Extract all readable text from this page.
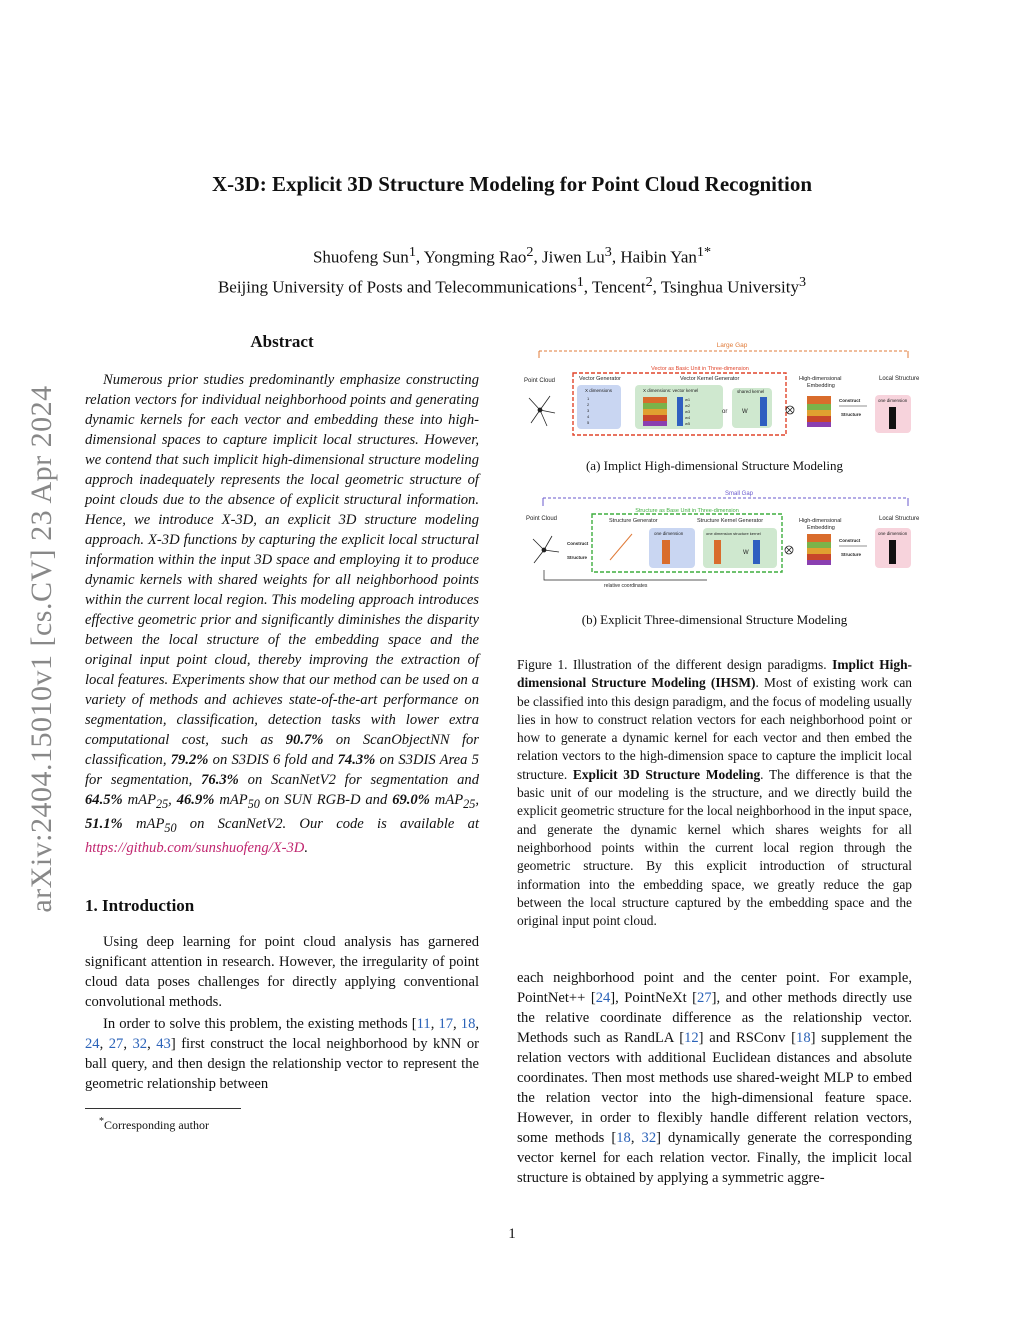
X-3D: Explicit 3D Structure Modeling for Point Cloud Recognition
Shuofeng Sun$^1$, Yongming Rao$^2$, Jiwen Lu$^3$, Haibin Yan$^{1*}$
Beijing University of Posts and Telecommunications$^1$, Tencent$^2$, Tsinghua University$^3$
arXiv:2404.15010v1 [cs.CV] 23 Apr 2024
Abstract

Numerous prior studies predominantly emphasize constructing relation vectors for individual neighborhood points and generating dynamic kernels for each vector and embedding these into high-dimensional spaces to capture implicit local structures. However, we contend that such implicit high-dimensional structure modeling approch inadequately represents the local geometric structure of point clouds due to the absence of explicit structural information. Hence, we introduce X-3D, an explicit 3D structure modeling approach. X-3D functions by capturing the explicit local structural information within the input 3D space and employing it to produce dynamic kernels with shared weights for all neighborhood points within the current local region. This modeling approach introduces effective geometric prior and significantly diminishes the disparity between the local structure of the embedding space and the original input point cloud, thereby improving the extraction of local features. Experiments show that our method can be used on a variety of methods and achieves state-of-the-art performance on segmentation, classification, detection tasks with lower extra computational cost, such as 90.7% on ScanObjectNN for classification, 79.2% on S3DIS 6 fold and 74.3% on S3DIS Area 5 for segmentation, 76.3% on ScanNetV2 for segmentation and 64.5% mAP$_{25}$, 46.9% mAP$_{50}$ on SUN RGB-D and 69.0% mAP$_{25}$, 51.1% mAP$_{50}$ on ScanNetV2. Our code is available at https://github.com/sunshuofeng/X-3D.

1. Introduction

Using deep learning for point cloud analysis has garnered significant attention in research. However, the irregularity of point cloud data poses challenges for directly applying conventional convolutional methods.

In order to solve this problem, the existing methods [11, 17, 18, 24, 27, 32, 43] first construct the local neighborhood by kNN or ball query, and then design the relationship vector to represent the geometric relationship between

*Corresponding author
Large Gap
Vector as Basic Unit in Three-dimension
Point Cloud	Vector Generator
X dimensions
1
2
3
4
5
Vector Kernel Generator
X dimensions: vector kernel
w1
w2
w3
w4
w5
or
shared kernel
W
High-dimensional
Embedding
Construct
Structure
Local Structure
one dimension
(a) Implict High-dimensional Structure Modeling
Small Gap
Structure as Base Unit in Three-dimension
Point Cloud
Construct
Structure
Structure Generator
one dimension
Structure Kernel Generator
one dimension structure kernel
W
High-dimensional
Embedding
Construct
Structure
Local Structure
one dimension
relative coordinates
(b) Explicit Three-dimensional Structure Modeling
Figure 1. Illustration of the different design paradigms. Implict High-dimensional Structure Modeling (IHSM). Most of existing work can be classified into this design paradigm, and the focus of modeling usually lies in how to construct relation vectors for each neighborhood point or how to generate a dynamic kernel for each vector and then embed the relation vectors to the high-dimension space to capture the implicit local structure. Explicit 3D Structure Modeling. The difference is that the basic unit of our modeling is the structure, and we directly build the explicit geometric structure for the local neighborhood in the input space, and generate the dynamic kernel which shares weights for all neighborhood points within the current local region through the geometric structure. By this explicit introduction of structural information into the embedding space, we greatly reduce the gap between the local structure captured by the embedding space and the original input point cloud.

each neighborhood point and the center point. For example, PointNet++ [24], PointNeXt [27], and other methods directly use the relative coordinate difference as the relationship vector. Methods such as RandLA [12] and RSConv [18] supplement the relation vectors with additional Euclidean distances and absolute coordinates. Then most methods use shared-weight MLP to embed the relation vector into the high-dimensional feature space. However, in order to flexibly handle different relation vectors, some methods [18, 32] dynamically generate the corresponding vector kernel for each relation vector. Finally, the implicit local structure is obtained by applying a symmetric aggre-

1
